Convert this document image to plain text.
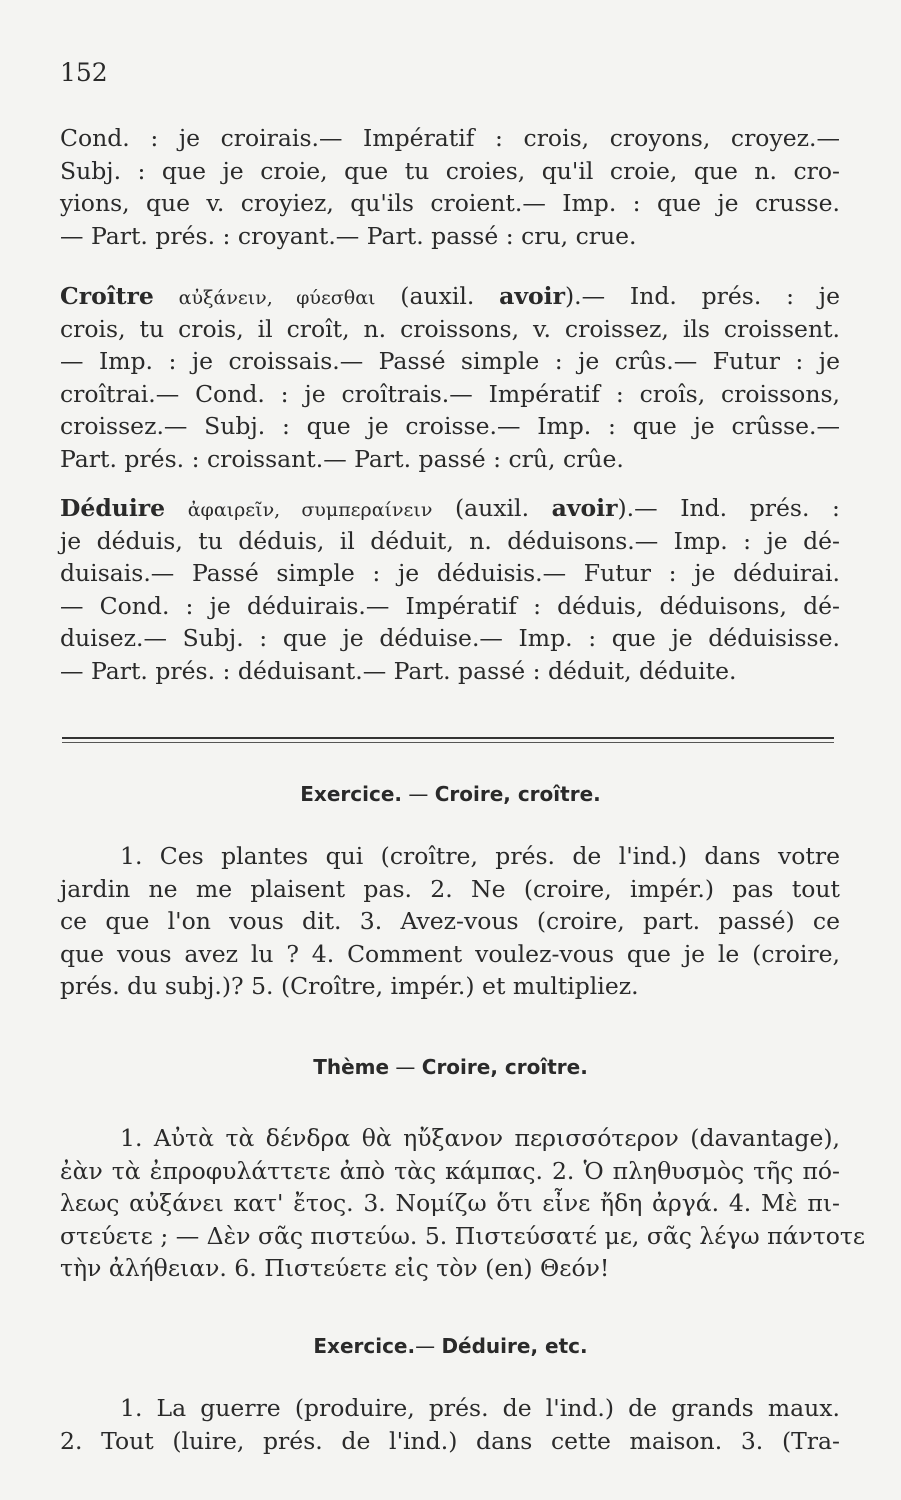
152
Cond. : je croirais.— Impératif : crois, croyons, croyez.—
Subj. : que je croie, que tu croies, qu'il croie, que n. cro-
yions, que v. croyiez, qu'ils croient.— Imp. : que je crusse.
— Part. prés. : croyant.— Part. passé : cru, crue.
Croître αὐξάνειν, φύεσθαι (auxil. avoir).— Ind. prés. : je
crois, tu crois, il croît, n. croissons, v. croissez, ils croissent.
— Imp. : je croissais.— Passé simple : je crûs.— Futur : je
croîtrai.— Cond. : je croîtrais.— Impératif : croîs, croissons,
croissez.— Subj. : que je croisse.— Imp. : que je crûsse.—
Part. prés. : croissant.— Part. passé : crû, crûe.
Déduire ἀφαιρεῖν, συμπεραίνειν (auxil. avoir).— Ind. prés. :
je déduis, tu déduis, il déduit, n. déduisons.— Imp. : je dé-
duisais.— Passé simple : je déduisis.— Futur : je déduirai.
— Cond. : je déduirais.— Impératif : déduis, déduisons, dé-
duisez.— Subj. : que je déduise.— Imp. : que je déduisisse.
— Part. prés. : déduisant.— Part. passé : déduit, déduite.
Exercice. — Croire, croître.
1. Ces plantes qui (croître, prés. de l'ind.) dans votre
jardin ne me plaisent pas. 2. Ne (croire, impér.) pas tout
ce que l'on vous dit. 3. Avez-vous (croire, part. passé) ce
que vous avez lu ? 4. Comment voulez-vous que je le (croire,
prés. du subj.)? 5. (Croître, impér.) et multipliez.
Thème — Croire, croître.
1. Αὐτὰ τὰ δένδρα θὰ ηὔξανον περισσότερον (davantage),
ἐὰν τὰ ἐπροφυλάττετε ἀπὸ τὰς κάμπας. 2. Ὁ πληθυσμὸς τῆς πό-
λεως αὐξάνει κατ' ἔτος. 3. Νομίζω ὅτι εἶνε ἤδη ἀργά. 4. Μὲ πι-
στεύετε ; — Δὲν σᾶς πιστεύω. 5. Πιστεύσατέ με, σᾶς λέγω πάντοτε
τὴν ἀλήθειαν. 6. Πιστεύετε εἰς τὸν (en) Θεόν!
Exercice.— Déduire, etc.
1. La guerre (produire, prés. de l'ind.) de grands maux.
2. Tout (luire, prés. de l'ind.) dans cette maison. 3. (Tra-
